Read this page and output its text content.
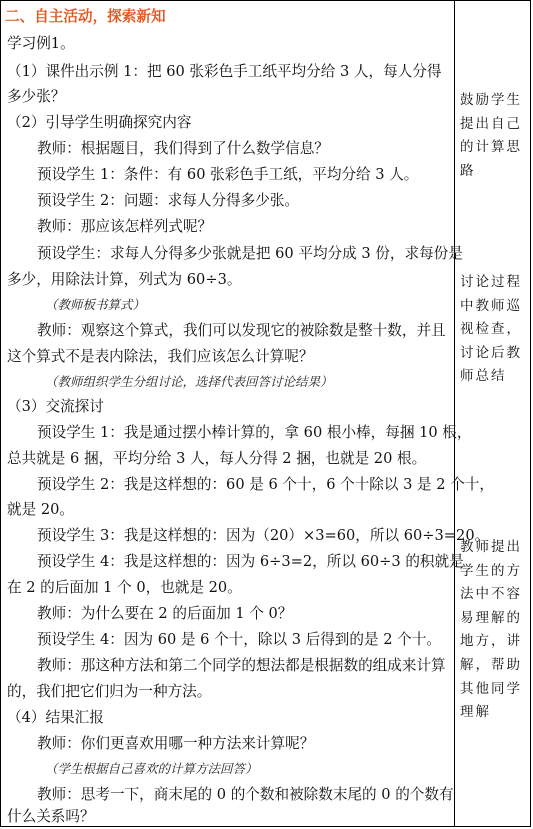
二、自主活动，探索新知
学习例1。
（1）课件出示例 1：把 60 张彩色手工纸平均分给 3 人，每人分得
多少张？
（2）引导学生明确探究内容
教师：根据题目，我们得到了什么数学信息？
预设学生 1：条件：有 60 张彩色手工纸，平均分给 3 人。
预设学生 2：问题：求每人分得多少张。
教师：那应该怎样列式呢？
预设学生：求每人分得多少张就是把 60 平均分成 3 份，求每份是
多少，用除法计算，列式为 60÷3。
（教师板书算式）
教师：观察这个算式，我们可以发现它的被除数是整十数，并且
这个算式不是表内除法，我们应该怎么计算呢？
（教师组织学生分组讨论，选择代表回答讨论结果）
（3）交流探讨
预设学生 1：我是通过摆小棒计算的，拿 60 根小棒，每捆 10 根，
总共就是 6 捆，平均分给 3 人，每人分得 2 捆，也就是 20 根。
预设学生 2：我是这样想的：60 是 6 个十，6 个十除以 3 是 2 个十，
就是 20。
预设学生 3：我是这样想的：因为（20）×3=60，所以 60÷3=20。
预设学生 4：我是这样想的：因为 6÷3=2，所以 60÷3 的积就是
在 2 的后面加 1 个 0，也就是 20。
教师：为什么要在 2 的后面加 1 个 0？
预设学生 4：因为 60 是 6 个十，除以 3 后得到的是 2 个十。
教师：那这种方法和第二个同学的想法都是根据数的组成来计算
的，我们把它们归为一种方法。
（4）结果汇报
教师：你们更喜欢用哪一种方法来计算呢？
（学生根据自己喜欢的计算方法回答）
教师：思考一下，商末尾的 0 的个数和被除数末尾的 0 的个数有
什么关系吗？
鼓励学生
提出自己
的计算思
路
讨论过程
中教师巡
视检查，
讨论后教
师总结
教师提出
学生的方
法中不容
易理解的
地方，讲
解，帮助
其他同学
理解
